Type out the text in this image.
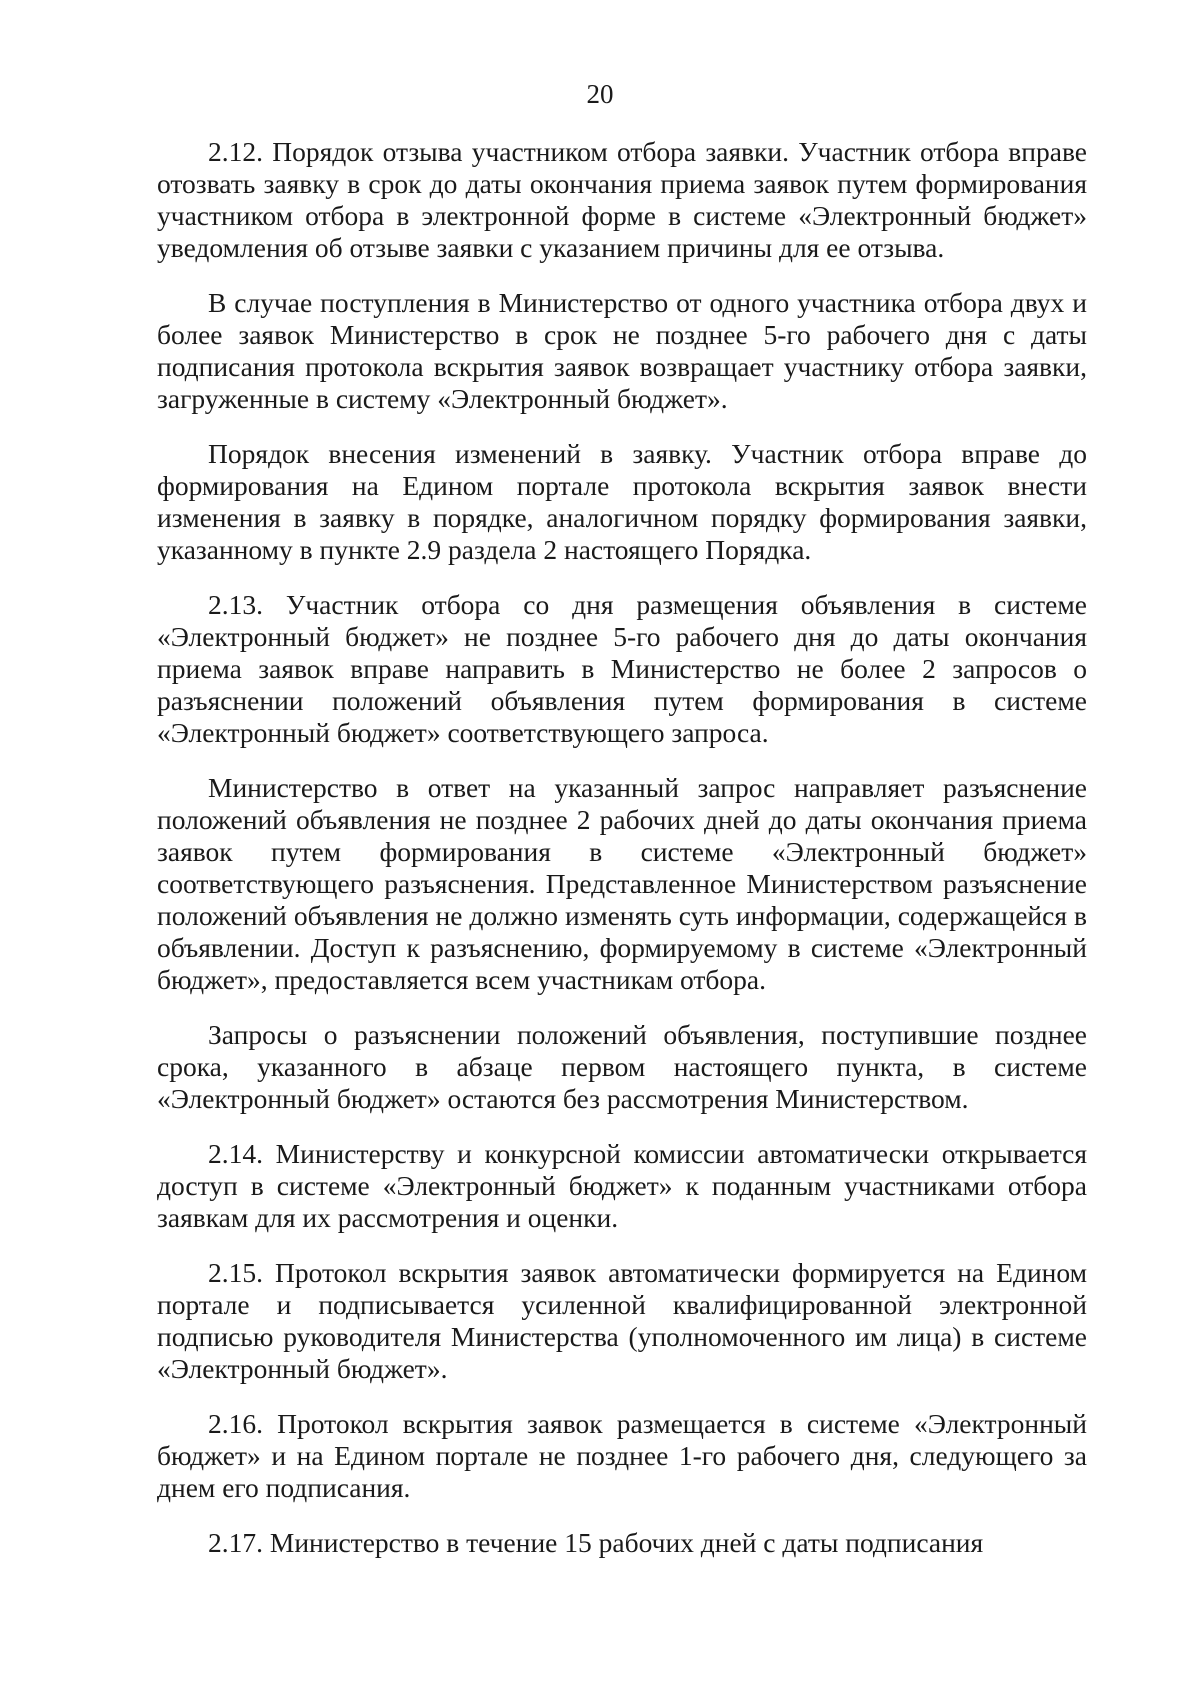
20

2.12. Порядок отзыва участником отбора заявки. Участник отбора вправе отозвать заявку в срок до даты окончания приема заявок путем формирования участником отбора в электронной форме в системе «Электронный бюджет» уведомления об отзыве заявки с указанием причины для ее отзыва.

В случае поступления в Министерство от одного участника отбора двух и более заявок Министерство в срок не позднее 5-го рабочего дня с даты подписания протокола вскрытия заявок возвращает участнику отбора заявки, загруженные в систему «Электронный бюджет».

Порядок внесения изменений в заявку. Участник отбора вправе до формирования на Едином портале протокола вскрытия заявок внести изменения в заявку в порядке, аналогичном порядку формирования заявки, указанному в пункте 2.9 раздела 2 настоящего Порядка.

2.13. Участник отбора со дня размещения объявления в системе «Электронный бюджет» не позднее 5-го рабочего дня до даты окончания приема заявок вправе направить в Министерство не более 2 запросов о разъяснении положений объявления путем формирования в системе «Электронный бюджет» соответствующего запроса.

Министерство в ответ на указанный запрос направляет разъяснение положений объявления не позднее 2 рабочих дней до даты окончания приема заявок путем формирования в системе «Электронный бюджет» соответствующего разъяснения. Представленное Министерством разъяснение положений объявления не должно изменять суть информации, содержащейся в объявлении. Доступ к разъяснению, формируемому в системе «Электронный бюджет», предоставляется всем участникам отбора.

Запросы о разъяснении положений объявления, поступившие позднее срока, указанного в абзаце первом настоящего пункта, в системе «Электронный бюджет» остаются без рассмотрения Министерством.

2.14. Министерству и конкурсной комиссии автоматически открывается доступ в системе «Электронный бюджет» к поданным участниками отбора заявкам для их рассмотрения и оценки.

2.15. Протокол вскрытия заявок автоматически формируется на Едином портале и подписывается усиленной квалифицированной электронной подписью руководителя Министерства (уполномоченного им лица) в системе «Электронный бюджет».

2.16. Протокол вскрытия заявок размещается в системе «Электронный бюджет» и на Едином портале не позднее 1-го рабочего дня, следующего за днем его подписания.

2.17. Министерство в течение 15 рабочих дней с даты подписания
